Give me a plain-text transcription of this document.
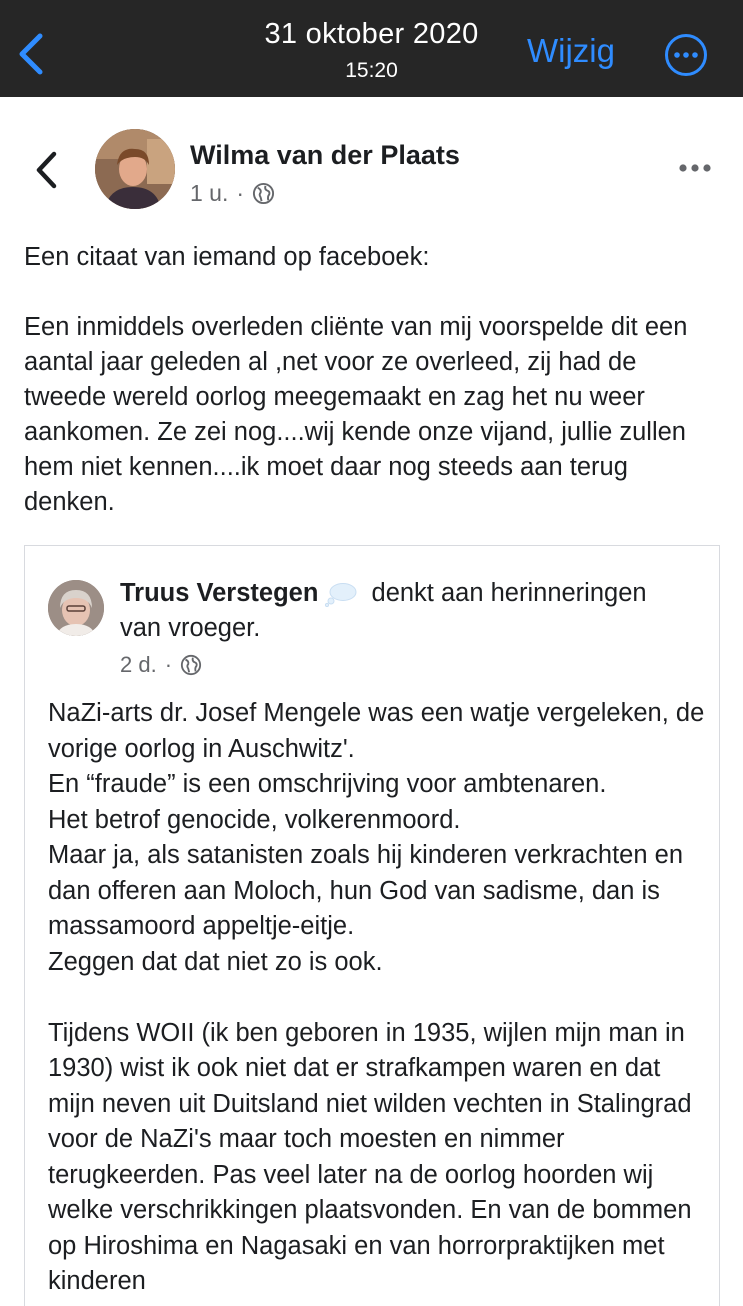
31 oktober 2020
15:20
Wijzig
Wilma van der Plaats
1 u. ·

Een citaat van iemand op faceboek:

Een inmiddels overleden cliënte van mij voorspelde dit een aantal jaar geleden al ,net voor ze overleed, zij had de tweede wereld oorlog meegemaakt en zag het nu weer aankomen. Ze zei nog....wij kende onze vijand, jullie zullen hem niet kennen....ik moet daar nog steeds aan terug denken.

Truus Verstegen denkt aan herinneringen van vroeger.
2 d. ·

NaZi-arts dr. Josef Mengele was een watje vergeleken, de vorige oorlog in Auschwitz'.
En “fraude” is een omschrijving voor ambtenaren.
Het betrof genocide, volkerenmoord.
Maar ja, als satanisten zoals hij kinderen verkrachten en dan offeren aan Moloch, hun God van sadisme, dan is massamoord appeltje-eitje.
Zeggen dat dat niet zo is ook.

Tijdens WOII (ik ben geboren in 1935, wijlen mijn man in 1930) wist ik ook niet dat er strafkampen waren en dat mijn neven uit Duitsland niet wilden vechten in Stalingrad voor de NaZi's maar toch moesten en nimmer terugkeerden. Pas veel later na de oorlog hoorden wij welke verschrikkingen plaatsvonden. En van de bommen op Hiroshima en Nagasaki en van horrorpraktijken met kinderen
